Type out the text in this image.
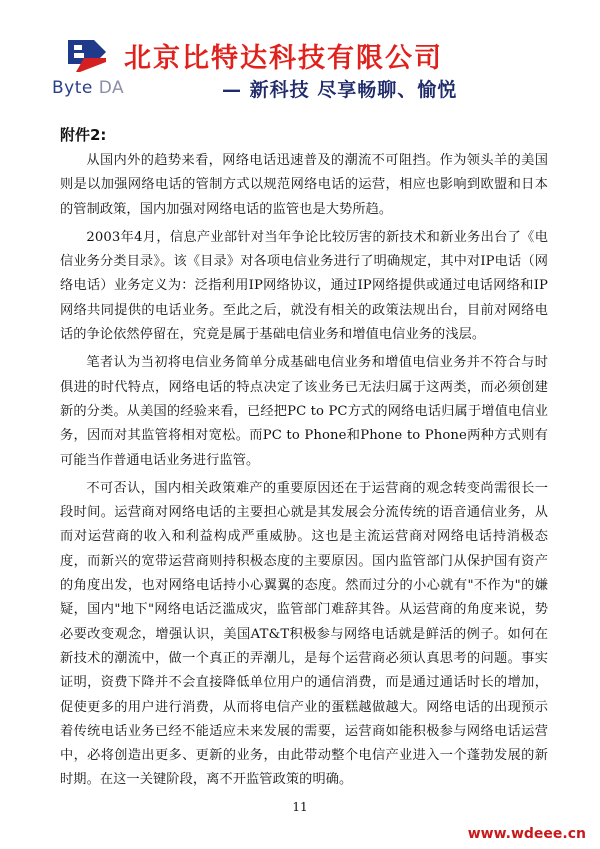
Byte DA
北京比特达科技有限公司
— 新科技 尽享畅聊、愉悦
附件2:

从国内外的趋势来看，网络电话迅速普及的潮流不可阻挡。作为领头羊的美国则是以加强网络电话的管制方式以规范网络电话的运营，相应也影响到欧盟和日本的管制政策，国内加强对网络电话的监管也是大势所趋。

2003年4月，信息产业部针对当年争论比较厉害的新技术和新业务出台了《电信业务分类目录》。该《目录》对各项电信业务进行了明确规定，其中对IP电话（网络电话）业务定义为：泛指利用IP网络协议，通过IP网络提供或通过电话网络和IP网络共同提供的电话业务。至此之后，就没有相关的政策法规出台，目前对网络电话的争论依然停留在，究竟是属于基础电信业务和增值电信业务的浅层。

笔者认为当初将电信业务简单分成基础电信业务和增值电信业务并不符合与时俱进的时代特点，网络电话的特点决定了该业务已无法归属于这两类，而必须创建新的分类。从美国的经验来看，已经把PC to PC方式的网络电话归属于增值电信业务，因而对其监管将相对宽松。而PC to Phone和Phone to Phone两种方式则有可能当作普通电话业务进行监管。

不可否认，国内相关政策难产的重要原因还在于运营商的观念转变尚需很长一段时间。运营商对网络电话的主要担心就是其发展会分流传统的语音通信业务，从而对运营商的收入和利益构成严重威胁。这也是主流运营商对网络电话持消极态度，而新兴的宽带运营商则持积极态度的主要原因。国内监管部门从保护国有资产的角度出发，也对网络电话持小心翼翼的态度。然而过分的小心就有"不作为"的嫌疑，国内"地下"网络电话泛滥成灾，监管部门难辞其咎。从运营商的角度来说，势必要改变观念，增强认识，美国AT&T积极参与网络电话就是鲜活的例子。如何在新技术的潮流中，做一个真正的弄潮儿，是每个运营商必须认真思考的问题。事实证明，资费下降并不会直接降低单位用户的通信消费，而是通过通话时长的增加，促使更多的用户进行消费，从而将电信产业的蛋糕越做越大。网络电话的出现预示着传统电话业务已经不能适应未来发展的需要，运营商如能积极参与网络电话运营中，必将创造出更多、更新的业务，由此带动整个电信产业进入一个蓬勃发展的新时期。在这一关键阶段，离不开监管政策的明确。

11
www.wdeee.cn
